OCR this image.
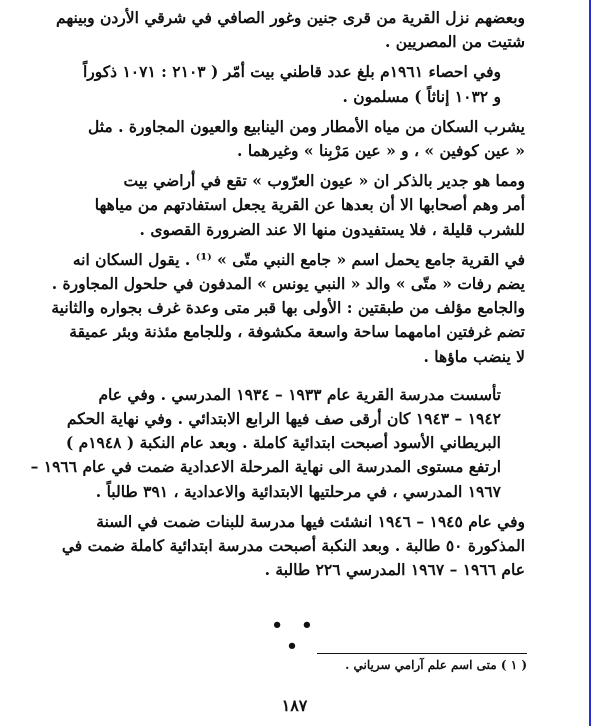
وبعضهم نزل القرية من قرى جنين وغور الصافي في شرقي الأردن وبينهم
شتيت من المصريين .

وفي احصاء ١٩٦١م بلغ عدد قاطني بيت أمّر ( ٢١٠٣ : ١٠٧١ ذكوراً
و ١٠٣٢ إناثاً ) مسلمون .

يشرب السكان من مياه الأمطار ومن الينابيع والعيون المجاورة . مثل
« عين كوفين » ، و « عين مَرْبِنا » وغيرهما .

ومما هو جدير بالذكر ان « عيون العرّوب » تقع في أراضي بيت
أمر وهم أصحابها الا أن بعدها عن القرية يجعل استفادتهم من مياهها
للشرب قليلة ، فلا يستفيدون منها الا عند الضرورة القصوى .

في القرية جامع يحمل اسم « جامع النبي متّى » ⁽¹⁾ . يقول السكان انه
يضم رفات « متّى » والد « النبي يونس » المدفون في حلحول المجاورة .
والجامع مؤلف من طبقتين : الأولى بها قبر متى وعدة غرف بجواره والثانية
تضم غرفتين امامهما ساحة واسعة مكشوفة ، وللجامع مئذنة وبئر عميقة
لا ينضب ماؤها .

تأسست مدرسة القرية عام ١٩٣٣ – ١٩٣٤ المدرسي . وفي عام
١٩٤٢ – ١٩٤٣ كان أرقى صف فيها الرابع الابتدائي . وفي نهاية الحكم
البريطاني الأسود أصبحت ابتدائية كاملة . وبعد عام النكبة ( ١٩٤٨م )
ارتفع مستوى المدرسة الى نهاية المرحلة الاعدادية ضمت في عام ١٩٦٦ –
١٩٦٧ المدرسي ، في مرحلتيها الابتدائية والاعدادية ، ٣٩١ طالباً .

وفي عام ١٩٤٥ – ١٩٤٦ انشئت فيها مدرسة للبنات ضمت في السنة
المذكورة ٥٠ طالبة . وبعد النكبة أصبحت مدرسة ابتدائية كاملة ضمت في
عام ١٩٦٦ – ١٩٦٧ المدرسي ٢٢٦ طالبة .

• • •
( ١ ) متى اسم علم آرامي سرياني .
١٨٧
